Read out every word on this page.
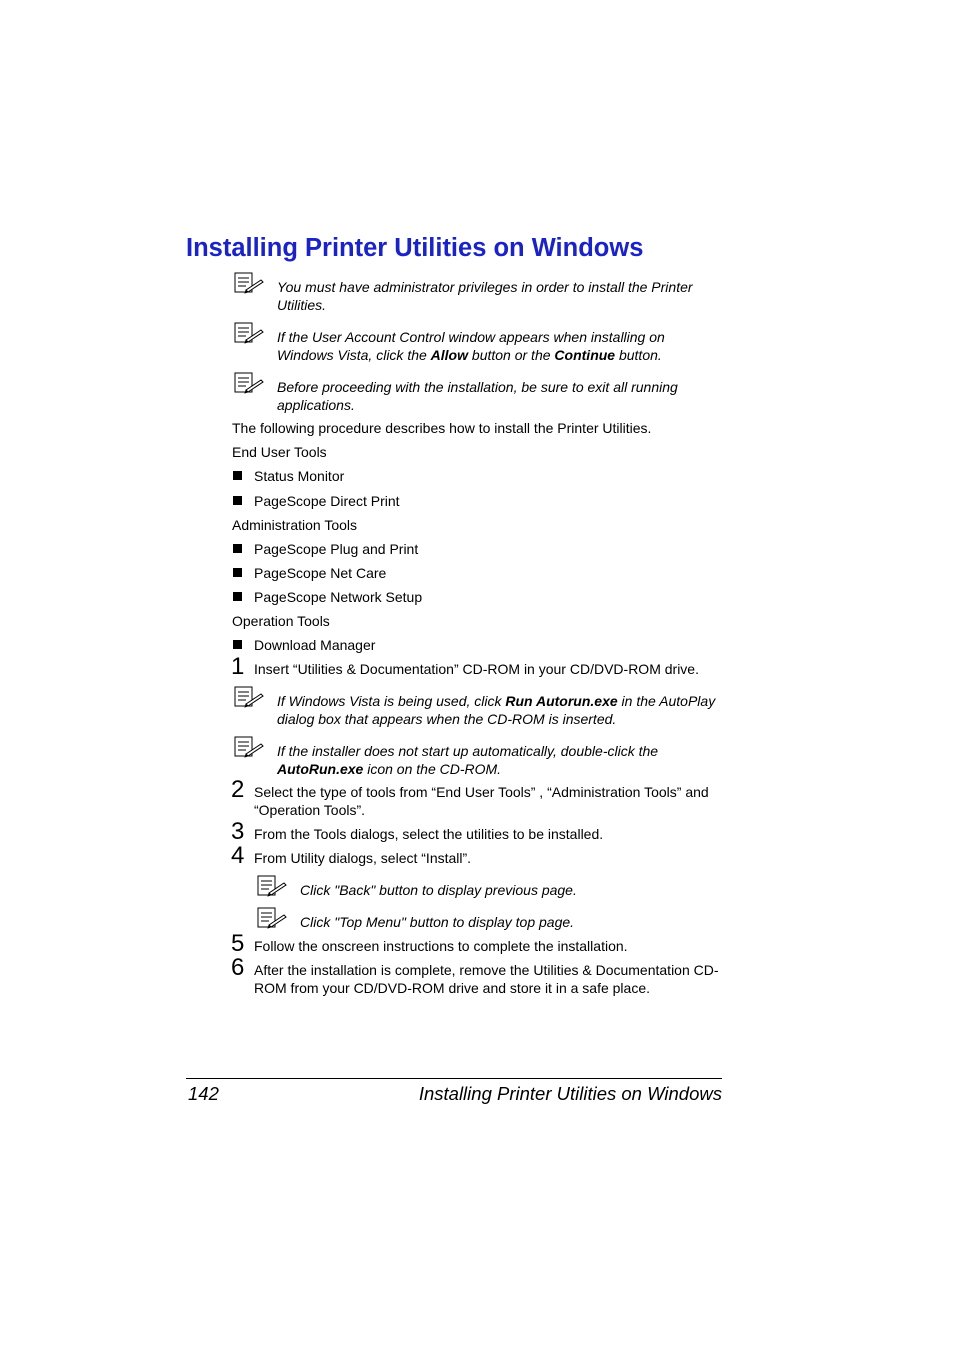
Installing Printer Utilities on Windows
You must have administrator privileges in order to install the Printer Utilities.
If the User Account Control window appears when installing on Windows Vista, click the Allow button or the Continue button.
Before proceeding with the installation, be sure to exit all running applications.
The following procedure describes how to install the Printer Utilities.
End User Tools
Status Monitor
PageScope Direct Print
Administration Tools
PageScope Plug and Print
PageScope Net Care
PageScope Network Setup
Operation Tools
Download Manager
1 Insert “Utilities & Documentation” CD-ROM in your CD/DVD-ROM drive.
If Windows Vista is being used, click Run Autorun.exe in the AutoPlay dialog box that appears when the CD-ROM is inserted.
If the installer does not start up automatically, double-click the AutoRun.exe icon on the CD-ROM.
2 Select the type of tools from “End User Tools” , “Administration Tools” and “Operation Tools”.
3 From the Tools dialogs, select the utilities to be installed.
4 From Utility dialogs, select “Install”.
Click "Back" button to display previous page.
Click "Top Menu" button to display top page.
5 Follow the onscreen instructions to complete the installation.
6 After the installation is complete, remove the Utilities & Documentation CD-ROM from your CD/DVD-ROM drive and store it in a safe place.
142	Installing Printer Utilities on Windows
